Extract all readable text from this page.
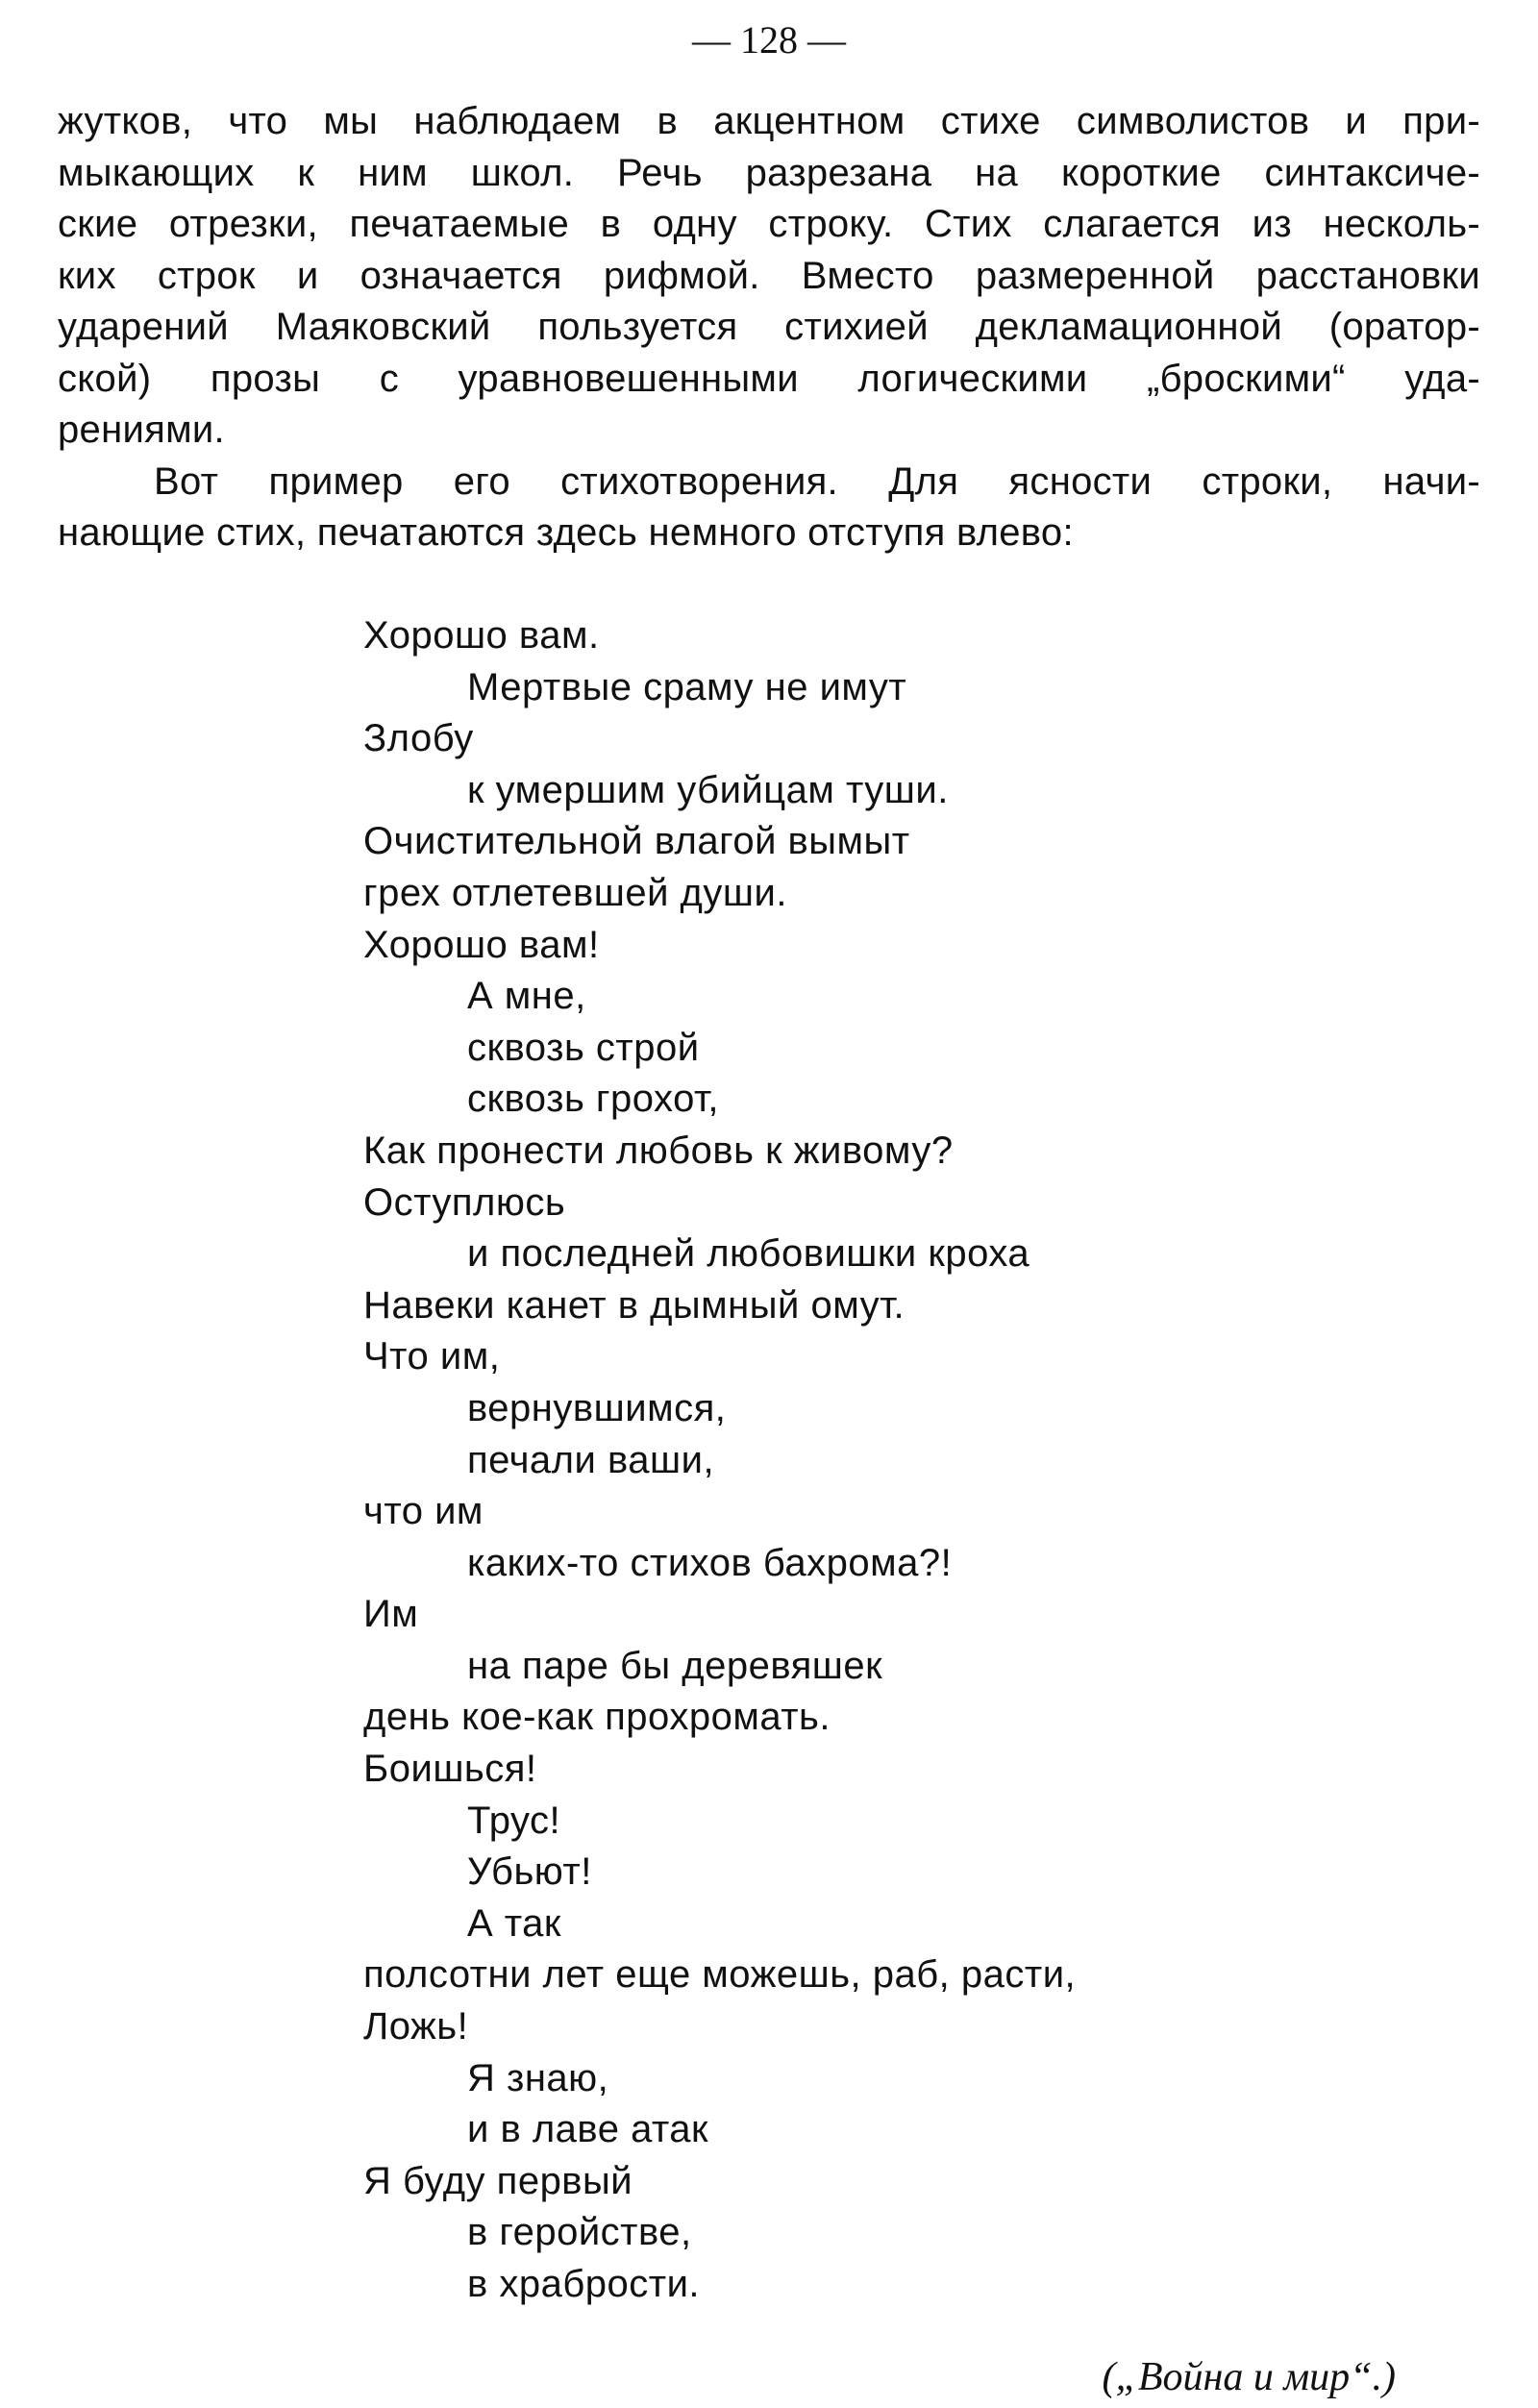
— 128 —
жутков, что мы наблюдаем в акцентном стихе символистов и при-
мыкающих к ним школ. Речь разрезана на короткие синтаксиче-
ские отрезки, печатаемые в одну строку. Стих слагается из несколь-
ких строк и означается рифмой. Вместо размеренной расстановки
ударений Маяковский пользуется стихией декламационной (оратор-
ской) прозы с уравновешенными логическими „броскими“ уда-
рениями.
Вот пример его стихотворения. Для ясности строки, начи-
нающие стих, печатаются здесь немного отступя влево:
Хорошо вам.
Мертвые сраму не имут
Злобу
к умершим убийцам туши.
Очистительной влагой вымыт
грех отлетевшей души.
Хорошо вам!
А мне,
сквозь строй
сквозь грохот,
Как пронести любовь к живому?
Оступлюсь
и последней любовишки кроха
Навеки канет в дымный омут.
Что им,
вернувшимся,
печали ваши,
что им
каких-то стихов бахрома?!
Им
на паре бы деревяшек
день кое-как прохромать.
Боишься!
Трус!
Убьют!
А так
полсотни лет еще можешь, раб, расти,
Ложь!
Я знаю,
и в лаве атак
Я буду первый
в геройстве,
в храбрости.
(„Война и мир“.)
